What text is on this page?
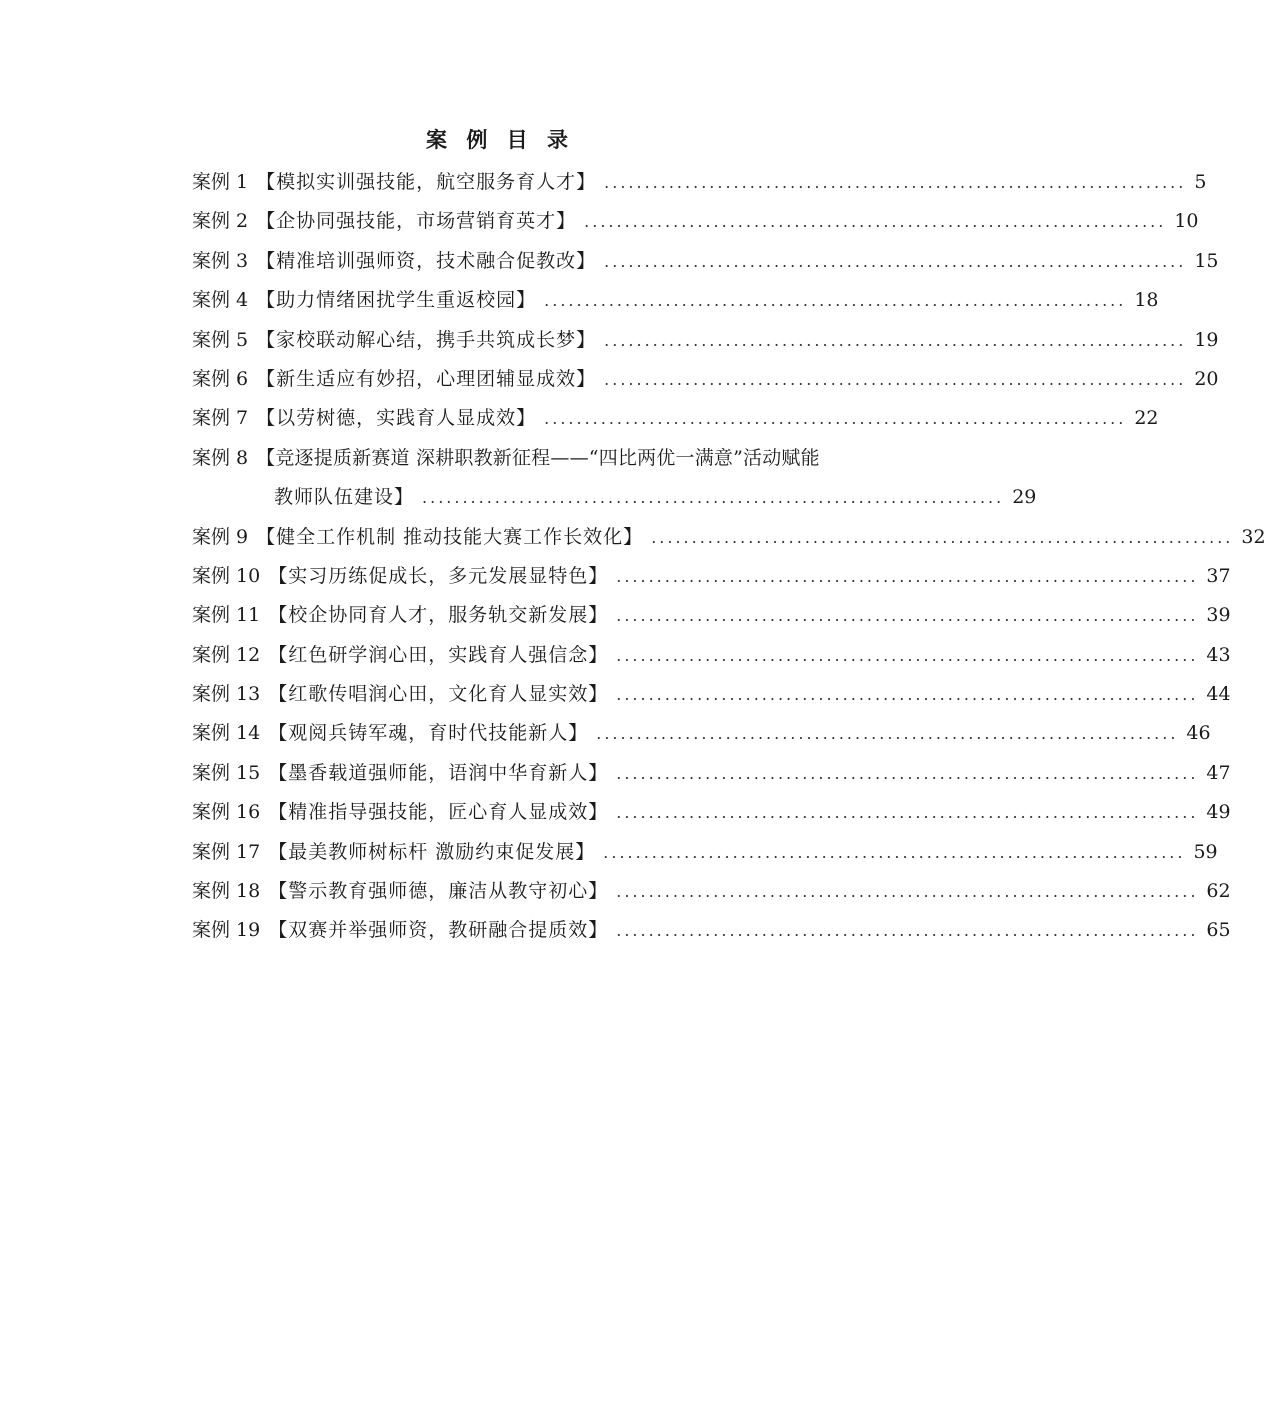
案 例 目 录
案例 1 【模拟实训强技能，航空服务育人才】 ........................................................................ 5
案例 2 【企协同强技能，市场营销育英才】 ........................................................................ 10
案例 3 【精准培训强师资，技术融合促教改】 ........................................................................ 15
案例 4 【助力情绪困扰学生重返校园】 ........................................................................ 18
案例 5 【家校联动解心结，携手共筑成长梦】 ........................................................................ 19
案例 6 【新生适应有妙招，心理团辅显成效】 ........................................................................ 20
案例 7 【以劳树德，实践育人显成效】 ........................................................................ 22
案例 8 【竞逐提质新赛道 深耕职教新征程——“四比两优一满意”活动赋能
教师队伍建设】 ........................................................................ 29
案例 9 【健全工作机制 推动技能大赛工作长效化】 ........................................................................ 32
案例 10 【实习历练促成长，多元发展显特色】 ........................................................................ 37
案例 11 【校企协同育人才，服务轨交新发展】 ........................................................................ 39
案例 12 【红色研学润心田，实践育人强信念】 ........................................................................ 43
案例 13 【红歌传唱润心田，文化育人显实效】 ........................................................................ 44
案例 14 【观阅兵铸军魂，育时代技能新人】 ........................................................................ 46
案例 15 【墨香载道强师能，语润中华育新人】 ........................................................................ 47
案例 16 【精准指导强技能，匠心育人显成效】 ........................................................................ 49
案例 17 【最美教师树标杆 激励约束促发展】 ........................................................................ 59
案例 18 【警示教育强师德，廉洁从教守初心】 ........................................................................ 62
案例 19 【双赛并举强师资，教研融合提质效】 ........................................................................ 65
